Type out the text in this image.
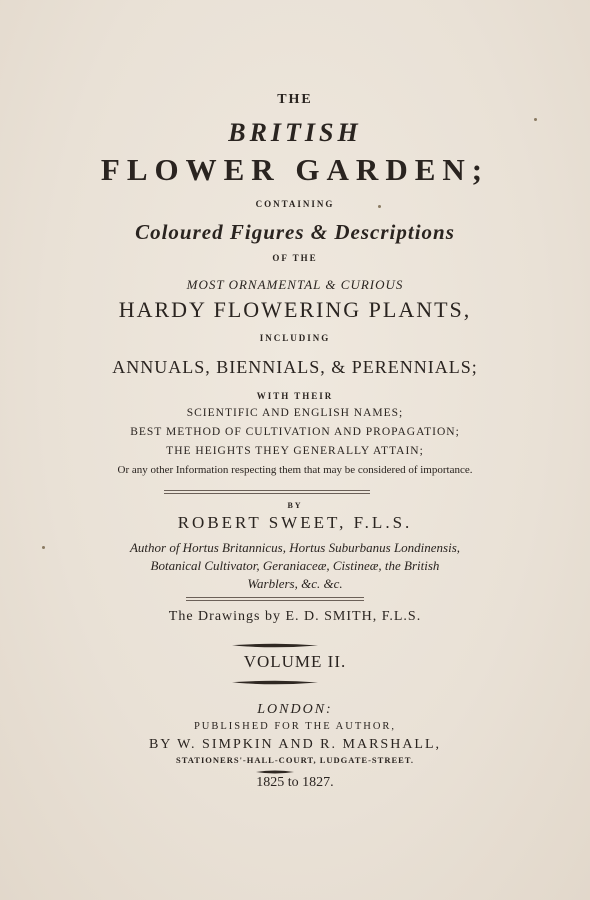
THE
BRITISH
FLOWER GARDEN;
CONTAINING
Coloured Figures & Descriptions
OF THE
MOST ORNAMENTAL & CURIOUS
HARDY FLOWERING PLANTS,
INCLUDING
ANNUALS, BIENNIALS, & PERENNIALS;
WITH THEIR
SCIENTIFIC AND ENGLISH NAMES;
BEST METHOD OF CULTIVATION AND PROPAGATION;
THE HEIGHTS THEY GENERALLY ATTAIN;
Or any other Information respecting them that may be considered of importance.
BY
ROBERT SWEET, F.L.S.
Author of Hortus Britannicus, Hortus Suburbanus Londinensis,
Botanical Cultivator, Geraniaceæ, Cistineæ, the British
Warblers, &c. &c.
The Drawings by E. D. SMITH, F.L.S.
VOLUME II.
LONDON:
PUBLISHED FOR THE AUTHOR,
BY W. SIMPKIN AND R. MARSHALL,
STATIONERS'-HALL-COURT, LUDGATE-STREET.
1825 to 1827.
